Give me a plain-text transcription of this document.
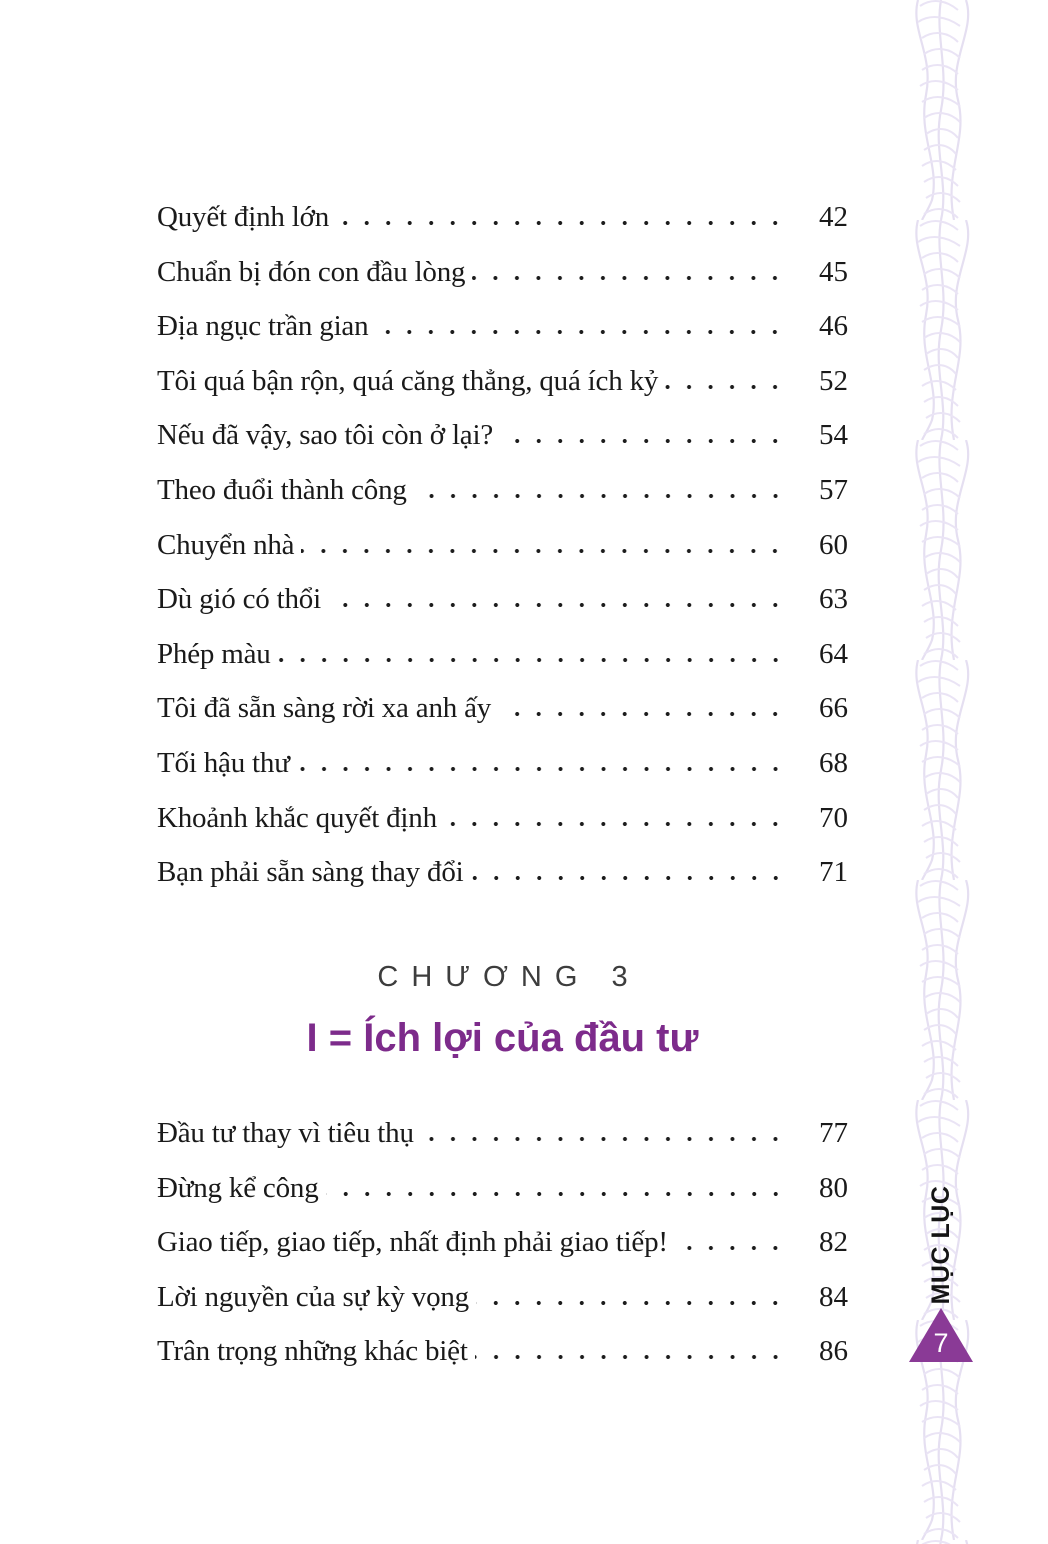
Quyết định lớn	42
Chuẩn bị đón con đầu lòng	45
Địa ngục trần gian	46
Tôi quá bận rộn, quá căng thẳng, quá ích kỷ	52
Nếu đã vậy, sao tôi còn ở lại?	54
Theo đuổi thành công	57
Chuyển nhà	60
Dù gió có thổi	63
Phép màu	64
Tôi đã sẵn sàng rời xa anh ấy	66
Tối hậu thư	68
Khoảnh khắc quyết định	70
Bạn phải sẵn sàng thay đổi	71
CHƯƠNG 3
I = Ích lợi của đầu tư
Đầu tư thay vì tiêu thụ	77
Đừng kể công	80
Giao tiếp, giao tiếp, nhất định phải giao tiếp!	82
Lời nguyền của sự kỳ vọng	84
Trân trọng những khác biệt	86
MỤC LỤC
7
